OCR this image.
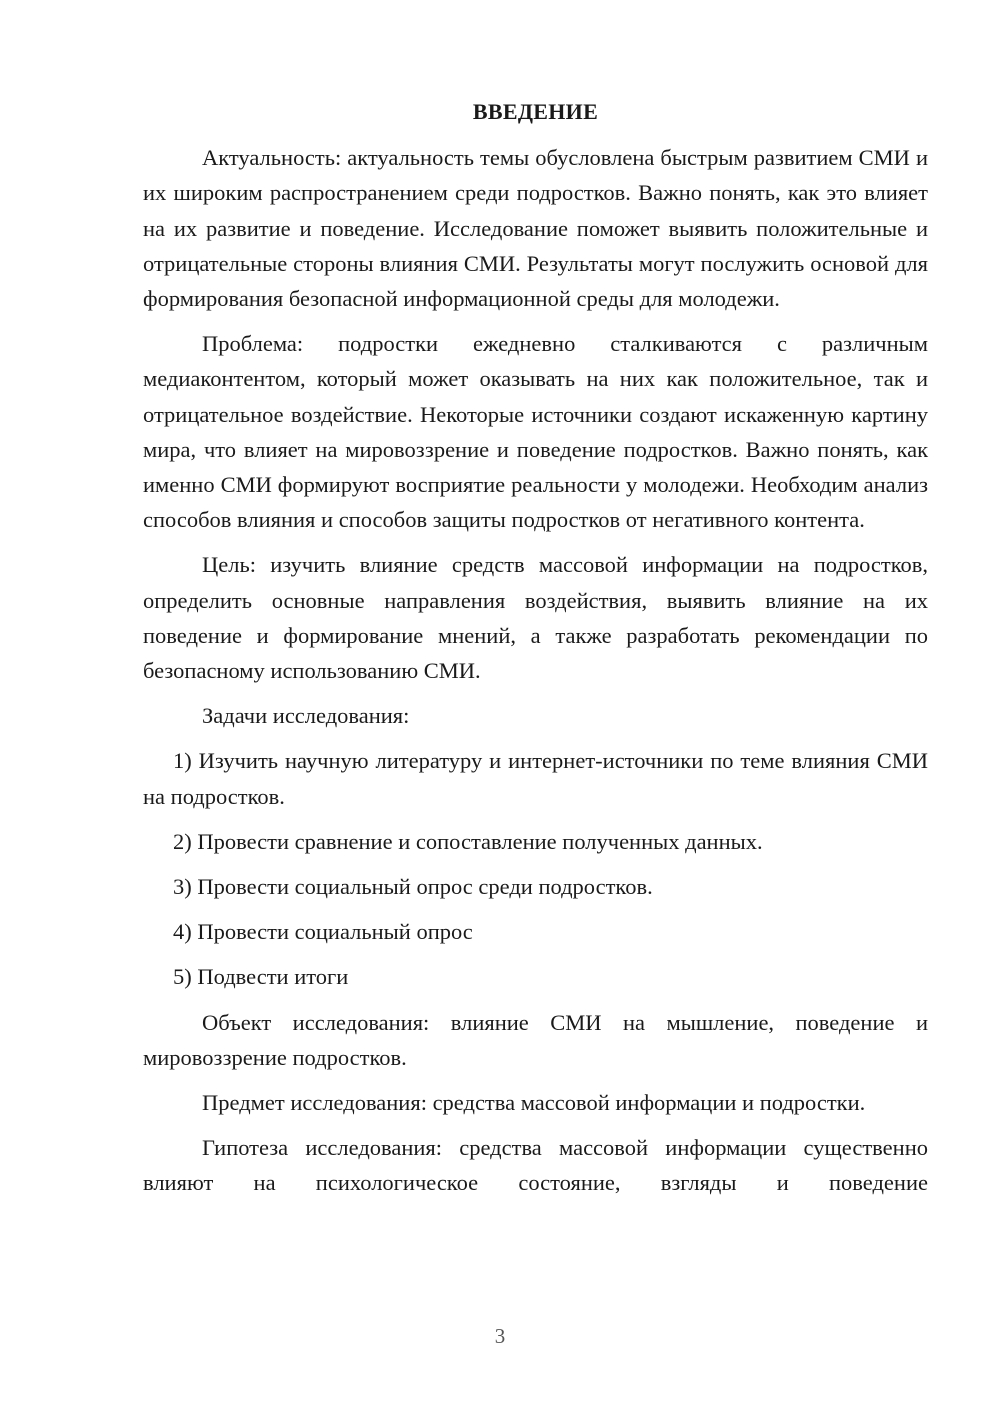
ВВЕДЕНИЕ
Актуальность: актуальность темы обусловлена быстрым развитием СМИ и их широким распространением среди подростков. Важно понять, как это влияет на их развитие и поведение. Исследование поможет выявить положительные и отрицательные стороны влияния СМИ. Результаты могут послужить основой для формирования безопасной информационной среды для молодежи.
Проблема: подростки ежедневно сталкиваются с различным медиаконтентом, который может оказывать на них как положительное, так и отрицательное воздействие. Некоторые источники создают искаженную картину мира, что влияет на мировоззрение и поведение подростков. Важно понять, как именно СМИ формируют восприятие реальности у молодежи. Необходим анализ способов влияния и способов защиты подростков от негативного контента.
Цель: изучить влияние средств массовой информации на подростков, определить основные направления воздействия, выявить влияние на их поведение и формирование мнений, а также разработать рекомендации по безопасному использованию СМИ.
Задачи исследования:
1) Изучить научную литературу и интернет-источники по теме влияния СМИ на подростков.
2) Провести сравнение и сопоставление полученных данных.
3) Провести социальный опрос среди подростков.
4) Провести социальный опрос
5) Подвести итоги
Объект исследования: влияние СМИ на мышление, поведение и мировоззрение подростков.
Предмет исследования: средства массовой информации и подростки.
Гипотеза исследования: средства массовой информации существенно влияют на психологическое состояние, взгляды и поведение
3
